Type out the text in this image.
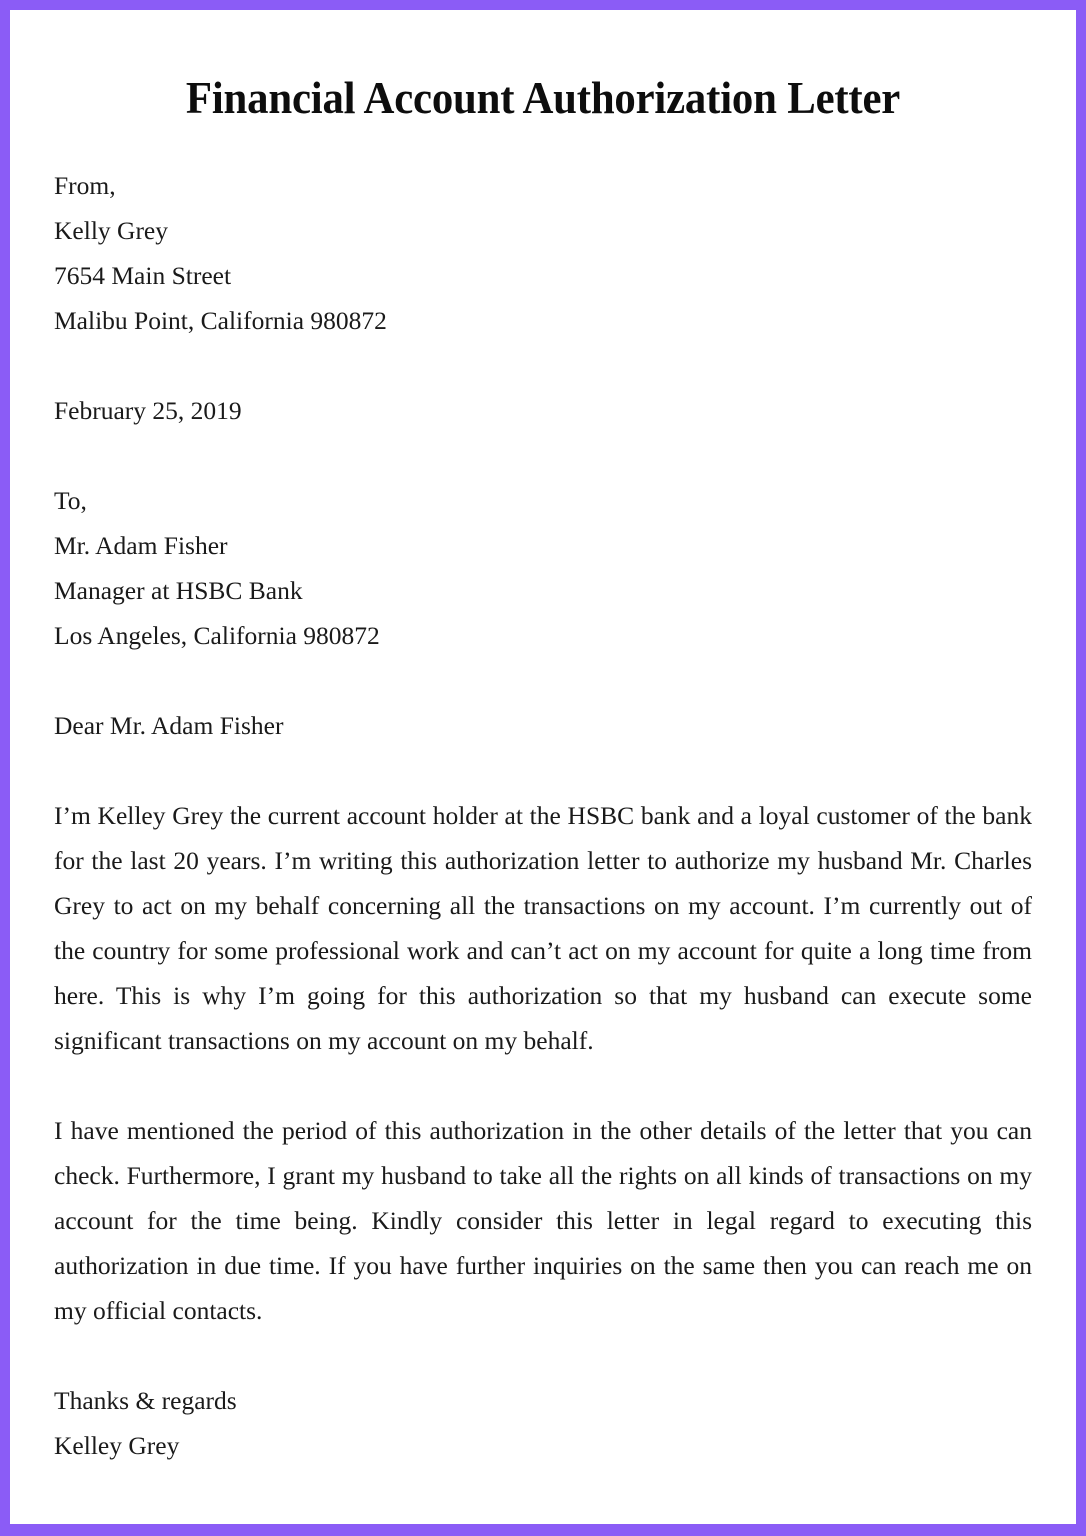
Financial Account Authorization Letter
From,
Kelly Grey
7654 Main Street
Malibu Point, California 980872
February 25, 2019
To,
Mr. Adam Fisher
Manager at HSBC Bank
Los Angeles, California 980872

Dear Mr. Adam Fisher

I’m Kelley Grey the current account holder at the HSBC bank and a loyal customer of the bank for the last 20 years. I’m writing this authorization letter to authorize my husband Mr. Charles Grey to act on my behalf concerning all the transactions on my account. I’m currently out of the country for some professional work and can’t act on my account for quite a long time from here. This is why I’m going for this authorization so that my husband can execute some significant transactions on my account on my behalf.

I have mentioned the period of this authorization in the other details of the letter that you can check. Furthermore, I grant my husband to take all the rights on all kinds of transactions on my account for the time being. Kindly consider this letter in legal regard to executing this authorization in due time. If you have further inquiries on the same then you can reach me on my official contacts.

Thanks & regards
Kelley Grey
